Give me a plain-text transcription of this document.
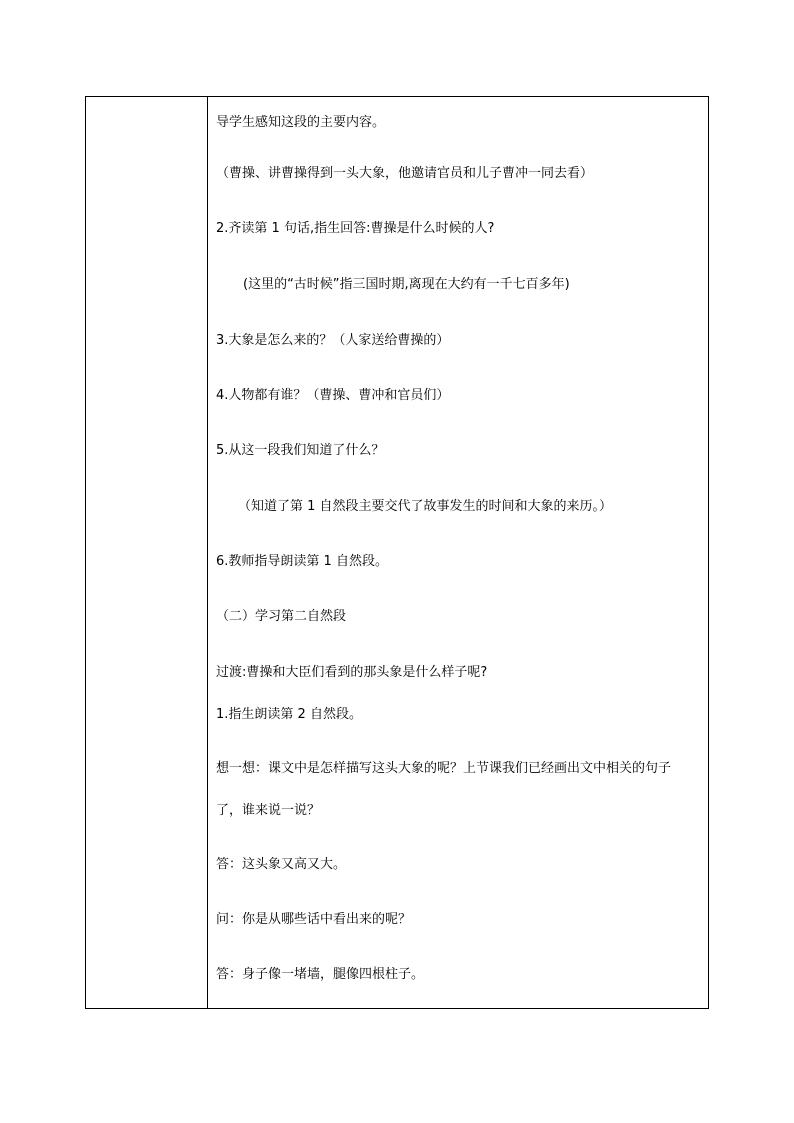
导学生感知这段的主要内容。
（曹操、讲曹操得到一头大象，他邀请官员和儿子曹冲一同去看）
2.齐读第 1 句话,指生回答:曹操是什么时候的人?
(这里的“古时候”指三国时期,离现在大约有一千七百多年)
3.大象是怎么来的？（人家送给曹操的）
4.人物都有谁？（曹操、曹冲和官员们）
5.从这一段我们知道了什么？
（知道了第 1 自然段主要交代了故事发生的时间和大象的来历。）
6.教师指导朗读第 1 自然段。
（二）学习第二自然段
过渡:曹操和大臣们看到的那头象是什么样子呢?
1.指生朗读第 2 自然段。
想一想：课文中是怎样描写这头大象的呢？上节课我们已经画出文中相关的句子
了，谁来说一说？
答：这头象又高又大。
问：你是从哪些话中看出来的呢？
答：身子像一堵墙，腿像四根柱子。
